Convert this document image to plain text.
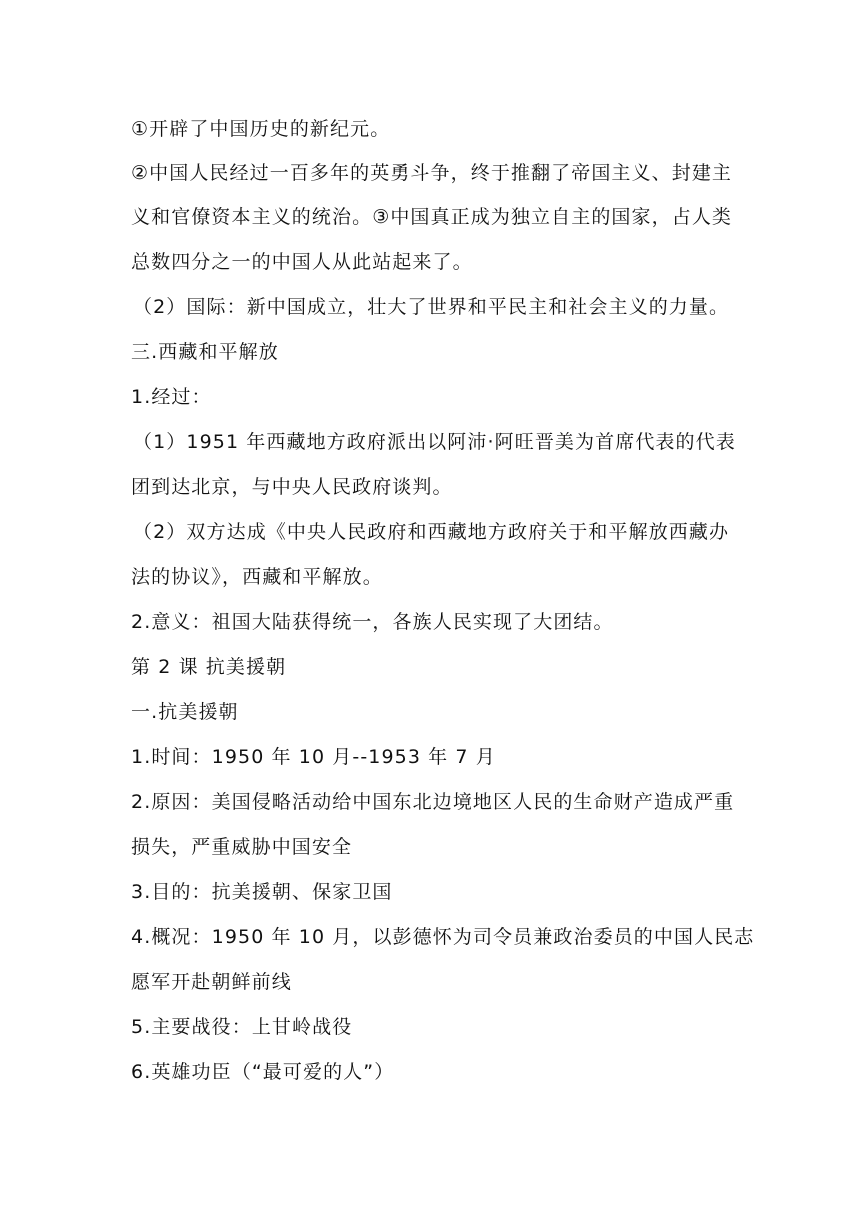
①开辟了中国历史的新纪元。
②中国人民经过一百多年的英勇斗争，终于推翻了帝国主义、封建主
义和官僚资本主义的统治。③中国真正成为独立自主的国家，占人类
总数四分之一的中国人从此站起来了。
（2）国际：新中国成立，壮大了世界和平民主和社会主义的力量。
三.西藏和平解放
1.经过：
（1）1951 年西藏地方政府派出以阿沛·阿旺晋美为首席代表的代表
团到达北京，与中央人民政府谈判。
（2）双方达成《中央人民政府和西藏地方政府关于和平解放西藏办
法的协议》，西藏和平解放。
2.意义：祖国大陆获得统一，各族人民实现了大团结。
第 2 课 抗美援朝
一.抗美援朝
1.时间：1950 年 10 月--1953 年 7 月
2.原因：美国侵略活动给中国东北边境地区人民的生命财产造成严重
损失，严重威胁中国安全
3.目的：抗美援朝、保家卫国
4.概况：1950 年 10 月，以彭德怀为司令员兼政治委员的中国人民志
愿军开赴朝鲜前线
5.主要战役：上甘岭战役
6.英雄功臣（“最可爱的人”）
